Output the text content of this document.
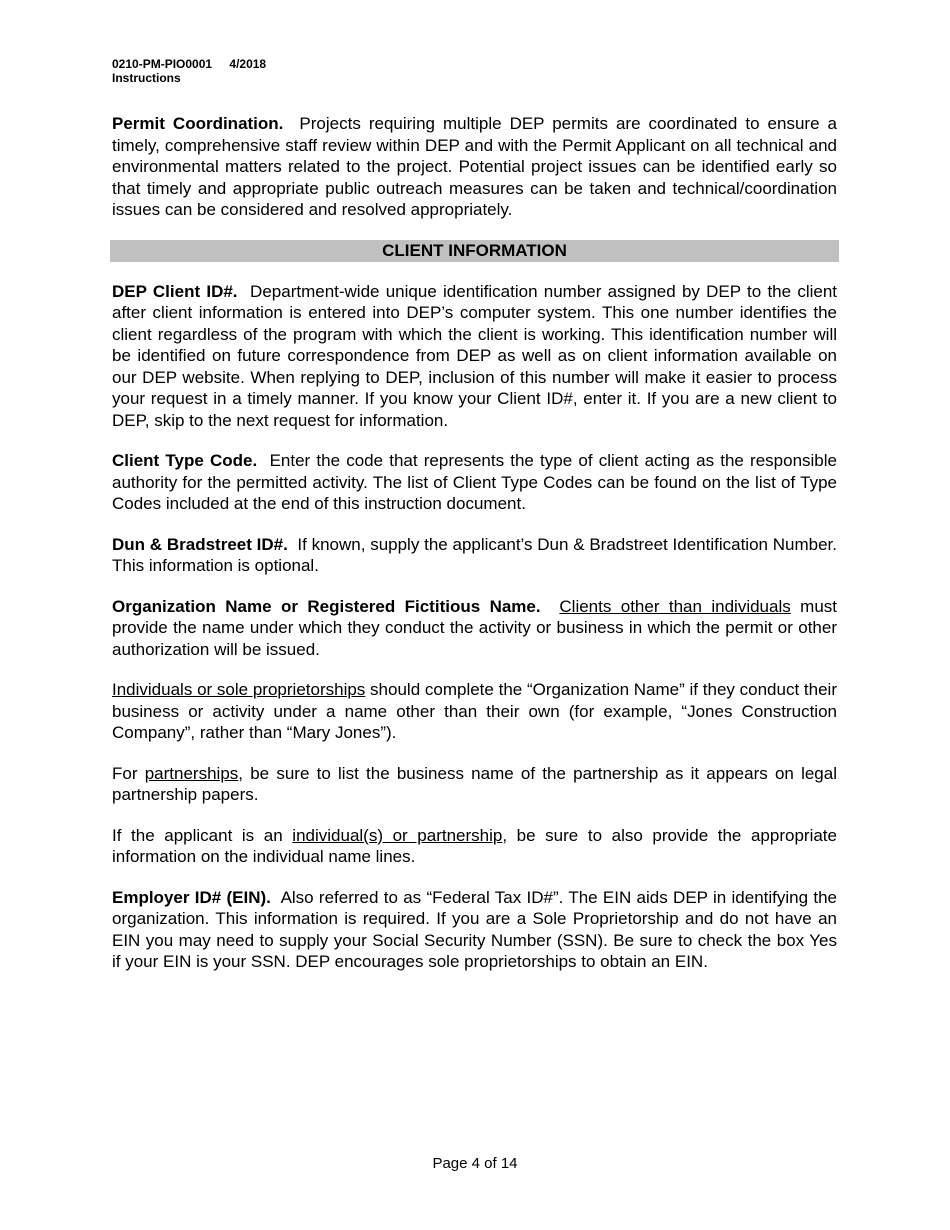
0210-PM-PIO0001 4/2018
Instructions

Permit Coordination. Projects requiring multiple DEP permits are coordinated to ensure a timely, comprehensive staff review within DEP and with the Permit Applicant on all technical and environmental matters related to the project. Potential project issues can be identified early so that timely and appropriate public outreach measures can be taken and technical/coordination issues can be considered and resolved appropriately.

CLIENT INFORMATION

DEP Client ID#. Department-wide unique identification number assigned by DEP to the client after client information is entered into DEP’s computer system. This one number identifies the client regardless of the program with which the client is working. This identification number will be identified on future correspondence from DEP as well as on client information available on our DEP website. When replying to DEP, inclusion of this number will make it easier to process your request in a timely manner. If you know your Client ID#, enter it. If you are a new client to DEP, skip to the next request for information.

Client Type Code. Enter the code that represents the type of client acting as the responsible authority for the permitted activity. The list of Client Type Codes can be found on the list of Type Codes included at the end of this instruction document.

Dun & Bradstreet ID#. If known, supply the applicant’s Dun & Bradstreet Identification Number. This information is optional.

Organization Name or Registered Fictitious Name. Clients other than individuals must provide the name under which they conduct the activity or business in which the permit or other authorization will be issued.

Individuals or sole proprietorships should complete the “Organization Name” if they conduct their business or activity under a name other than their own (for example, “Jones Construction Company”, rather than “Mary Jones”).

For partnerships, be sure to list the business name of the partnership as it appears on legal partnership papers.

If the applicant is an individual(s) or partnership, be sure to also provide the appropriate information on the individual name lines.

Employer ID# (EIN). Also referred to as “Federal Tax ID#”. The EIN aids DEP in identifying the organization. This information is required. If you are a Sole Proprietorship and do not have an EIN you may need to supply your Social Security Number (SSN). Be sure to check the box Yes if your EIN is your SSN. DEP encourages sole proprietorships to obtain an EIN.

Page 4 of 14
